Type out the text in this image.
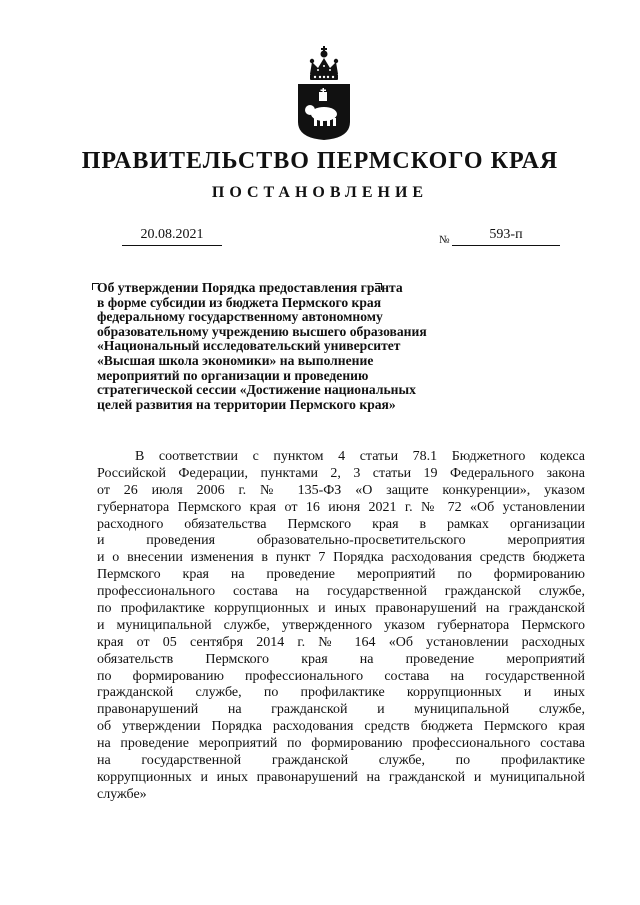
ПРАВИТЕЛЬСТВО ПЕРМСКОГО КРАЯ
ПОСТАНОВЛЕНИЕ
20.08.2021	№	593-п
Об утверждении Порядка предоставления гранта
в форме субсидии из бюджета Пермского края
федеральному государственному автономному
образовательному учреждению высшего образования
«Национальный исследовательский университет
«Высшая школа экономики» на выполнение
мероприятий по организации и проведению
стратегической сессии «Достижение национальных
целей развития на территории Пермского края»
В соответствии с пунктом 4 статьи 78.1 Бюджетного кодекса
Российской Федерации, пунктами 2, 3 статьи 19 Федерального закона
от 26 июля 2006 г. № 135-ФЗ «О защите конкуренции», указом
губернатора Пермского края от 16 июня 2021 г. № 72 «Об установлении
расходного обязательства Пермского края в рамках организации
и проведения образовательно-просветительского мероприятия
и о внесении изменения в пункт 7 Порядка расходования средств бюджета
Пермского края на проведение мероприятий по формированию
профессионального состава на государственной гражданской службе,
по профилактике коррупционных и иных правонарушений на гражданской
и муниципальной службе, утвержденного указом губернатора Пермского
края от 05 сентября 2014 г. № 164 «Об установлении расходных
обязательств Пермского края на проведение мероприятий
по формированию профессионального состава на государственной
гражданской службе, по профилактике коррупционных и иных
правонарушений на гражданской и муниципальной службе,
об утверждении Порядка расходования средств бюджета Пермского края
на проведение мероприятий по формированию профессионального состава
на государственной гражданской службе, по профилактике
коррупционных и иных правонарушений на гражданской и муниципальной
службе»
